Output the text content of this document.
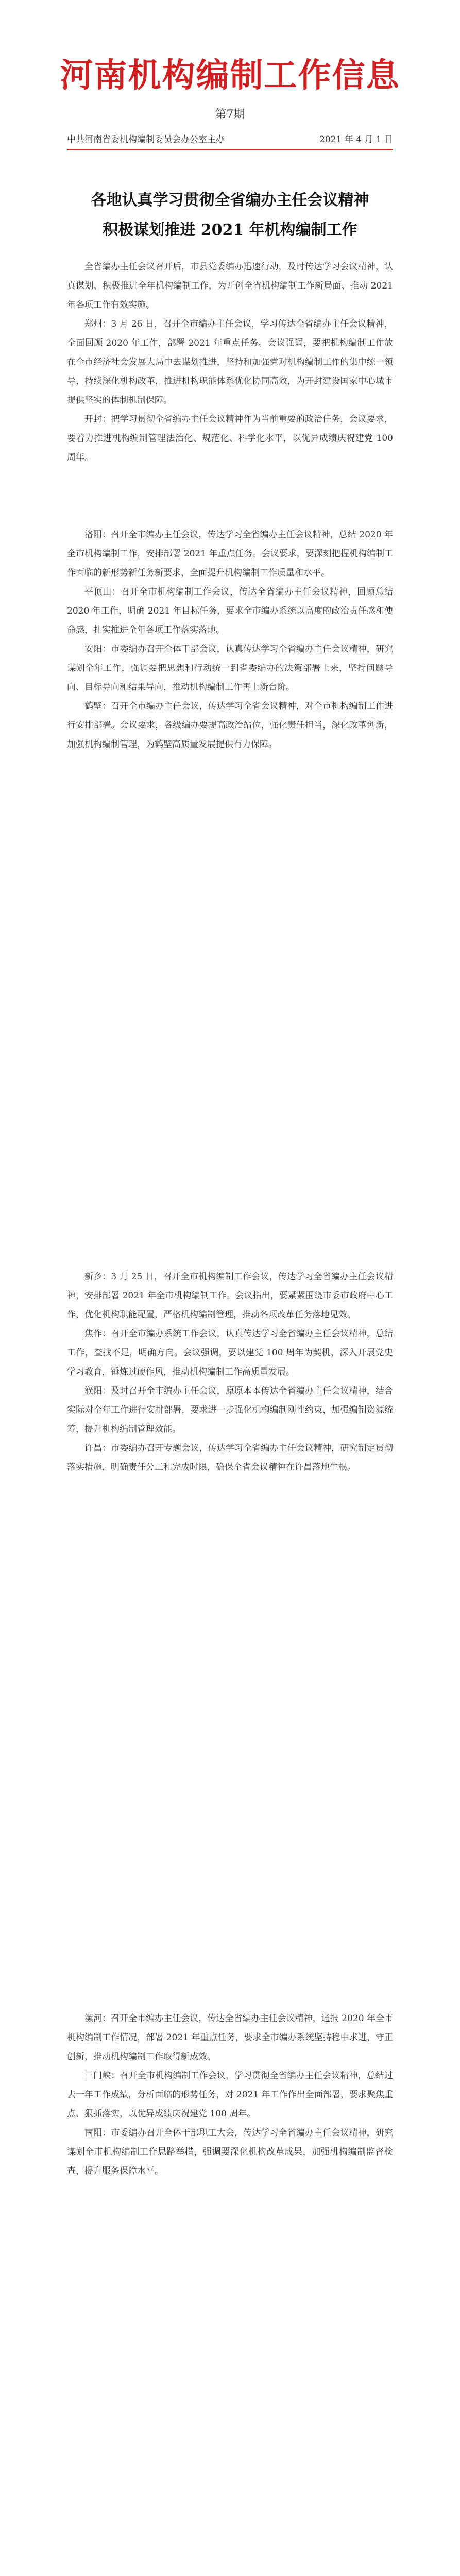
河南机构编制工作信息
第7期
中共河南省委机构编制委员会办公室主办	2021 年 4 月 1 日
各地认真学习贯彻全省编办主任会议精神
积极谋划推进 2021 年机构编制工作

全省编办主任会议召开后，市县党委编办迅速行动，及时传达学习会议精神，认真谋划、积极推进全年机构编制工作，为开创全省机构编制工作新局面、推动 2021 年各项工作有效实施。

郑州：3 月 26 日，召开全市编办主任会议，学习传达全省编办主任会议精神，全面回顾 2020 年工作，部署 2021 年重点任务。会议强调，要把机构编制工作放在全市经济社会发展大局中去谋划推进，坚持和加强党对机构编制工作的集中统一领导，持续深化机构改革，推进机构职能体系优化协同高效，为开封建设国家中心城市提供坚实的体制机制保障。

开封：把学习贯彻全省编办主任会议精神作为当前重要的政治任务，会议要求，要着力推进机构编制管理法治化、规范化、科学化水平，以优异成绩庆祝建党 100 周年。

洛阳：召开全市编办主任会议，传达学习全省编办主任会议精神，总结 2020 年全市机构编制工作，安排部署 2021 年重点任务。会议要求，要深刻把握机构编制工作面临的新形势新任务新要求，全面提升机构编制工作质量和水平。

平顶山：召开全市机构编制工作会议，传达全省编办主任会议精神，回顾总结 2020 年工作，明确 2021 年目标任务，要求全市编办系统以高度的政治责任感和使命感，扎实推进全年各项工作落实落地。

安阳：市委编办召开全体干部会议，认真传达学习全省编办主任会议精神，研究谋划全年工作，强调要把思想和行动统一到省委编办的决策部署上来，坚持问题导向、目标导向和结果导向，推动机构编制工作再上新台阶。

鹤壁：召开全市编办主任会议，传达学习全省会议精神，对全市机构编制工作进行安排部署。会议要求，各级编办要提高政治站位，强化责任担当，深化改革创新，加强机构编制管理，为鹤壁高质量发展提供有力保障。

新乡：3 月 25 日，召开全市机构编制工作会议，传达学习全省编办主任会议精神，安排部署 2021 年全市机构编制工作。会议指出，要紧紧围绕市委市政府中心工作，优化机构职能配置，严格机构编制管理，推动各项改革任务落地见效。

焦作：召开全市编办系统工作会议，认真传达学习全省编办主任会议精神，总结工作，查找不足，明确方向。会议强调，要以建党 100 周年为契机，深入开展党史学习教育，锤炼过硬作风，推动机构编制工作高质量发展。

濮阳：及时召开全市编办主任会议，原原本本传达全省编办主任会议精神，结合实际对全年工作进行安排部署，要求进一步强化机构编制刚性约束，加强编制资源统筹，提升机构编制管理效能。

许昌：市委编办召开专题会议，传达学习全省编办主任会议精神，研究制定贯彻落实措施，明确责任分工和完成时限，确保全省会议精神在许昌落地生根。

漯河：召开全市编办主任会议，传达全省编办主任会议精神，通报 2020 年全市机构编制工作情况，部署 2021 年重点任务，要求全市编办系统坚持稳中求进，守正创新，推动机构编制工作取得新成效。

三门峡：召开全市机构编制工作会议，学习贯彻全省编办主任会议精神，总结过去一年工作成绩，分析面临的形势任务，对 2021 年工作作出全面部署，要求聚焦重点、狠抓落实，以优异成绩庆祝建党 100 周年。

南阳：市委编办召开全体干部职工大会，传达学习全省编办主任会议精神，研究谋划全市机构编制工作思路举措，强调要深化机构改革成果，加强机构编制监督检查，提升服务保障水平。
